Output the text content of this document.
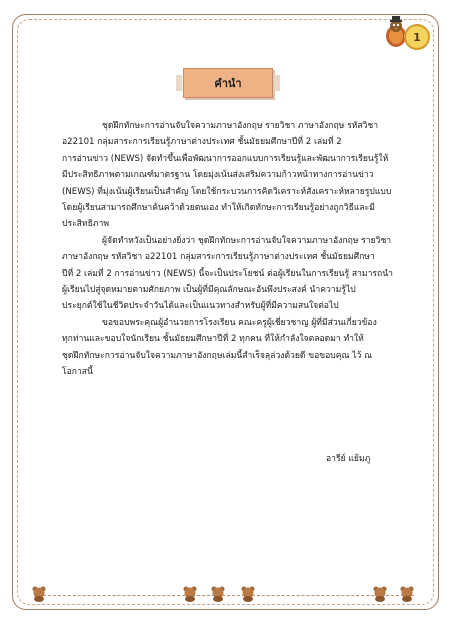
1
คำนำ

ชุดฝึกทักษะการอ่านจับใจความภาษาอังกฤษ รายวิชา ภาษาอังกฤษ รหัสวิชา
อ22101 กลุ่มสาระการเรียนรู้ภาษาต่างประเทศ ชั้นมัธยมศึกษาปีที่ 2 เล่มที่ 2
การอ่านข่าว (NEWS) จัดทำขึ้นเพื่อพัฒนาการออกแบบการเรียนรู้และพัฒนาการเรียนรู้ให้
มีประสิทธิภาพตามเกณฑ์มาตรฐาน โดยมุ่งเน้นส่งเสริมความก้าวหน้าทางการอ่านข่าว
(NEWS) ที่มุ่งเน้นผู้เรียนเป็นสำคัญ โดยใช้กระบวนการคิดวิเคราะห์สังเคราะห์หลายรูปแบบ
โดยผู้เรียนสามารถศึกษาค้นคว้าด้วยตนเอง ทำให้เกิดทักษะการเรียนรู้อย่างถูกวิธีและมี
ประสิทธิภาพ

ผู้จัดทำหวังเป็นอย่างยิ่งว่า ชุดฝึกทักษะการอ่านจับใจความภาษาอังกฤษ รายวิชา
ภาษาอังกฤษ รหัสวิชา อ22101 กลุ่มสาระการเรียนรู้ภาษาต่างประเทศ ชั้นมัธยมศึกษา
ปีที่ 2 เล่มที่ 2 การอ่านข่าว (NEWS) นี้จะเป็นประโยชน์ ต่อผู้เรียนในการเรียนรู้ สามารถนำ
ผู้เรียนไปสู่จุดหมายตามศักยภาพ เป็นผู้ที่มีคุณลักษณะอันพึงประสงค์ นำความรู้ไป
ประยุกต์ใช้ในชีวิตประจำวันได้และเป็นแนวทางสำหรับผู้ที่มีความสนใจต่อไป

ขอขอบพระคุณผู้อำนวยการโรงเรียน คณะครูผู้เชี่ยวชาญ ผู้ที่มีส่วนเกี่ยวข้อง
ทุกท่านและขอบใจนักเรียน ชั้นมัธยมศึกษาปีที่ 2 ทุกคน ที่ให้กำลังใจตลอดมา ทำให้
ชุดฝึกทักษะการอ่านจับใจความภาษาอังกฤษเล่มนี้สำเร็จลุล่วงด้วยดี ขอขอบคุณ ไว้ ณ
โอกาสนี้

อารีย์ แย้มภู
